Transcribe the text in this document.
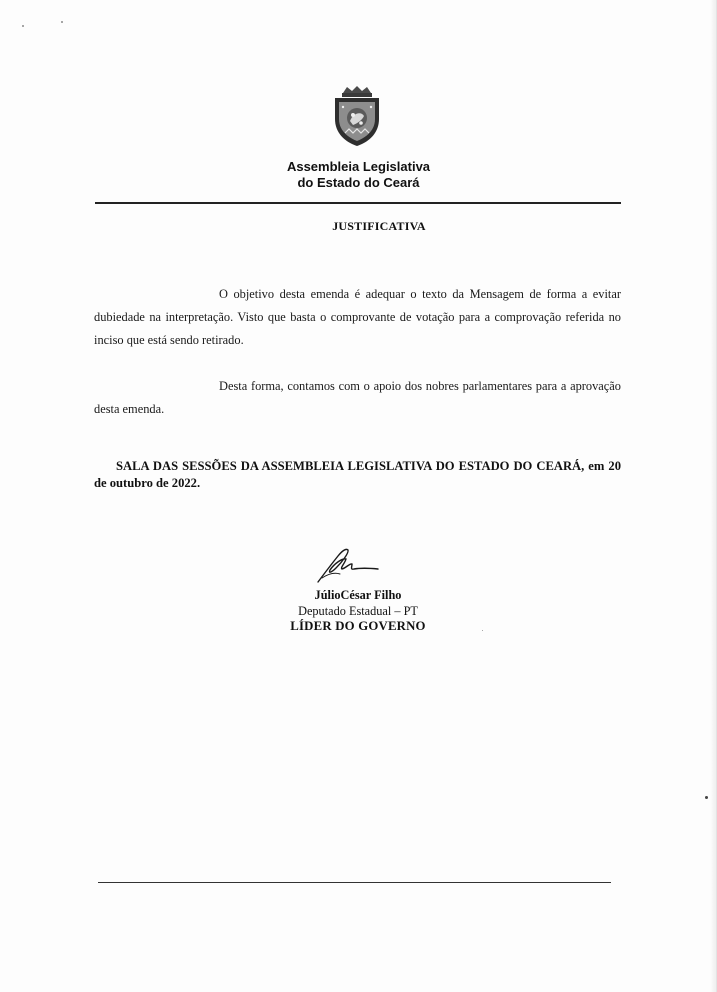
Assembleia Legislativa
do Estado do Ceará
JUSTIFICATIVA

O objetivo desta emenda é adequar o texto da Mensagem de forma a evitar dubiedade na interpretação. Visto que basta o comprovante de votação para a comprovação referida no inciso que está sendo retirado.

Desta forma, contamos com o apoio dos nobres parlamentares para a aprovação desta emenda.

SALA DAS SESSÕES DA ASSEMBLEIA LEGISLATIVA DO ESTADO DO CEARÁ, em 20 de outubro de 2022.

JúlioCésar Filho
Deputado Estadual – PT
LÍDER DO GOVERNO
